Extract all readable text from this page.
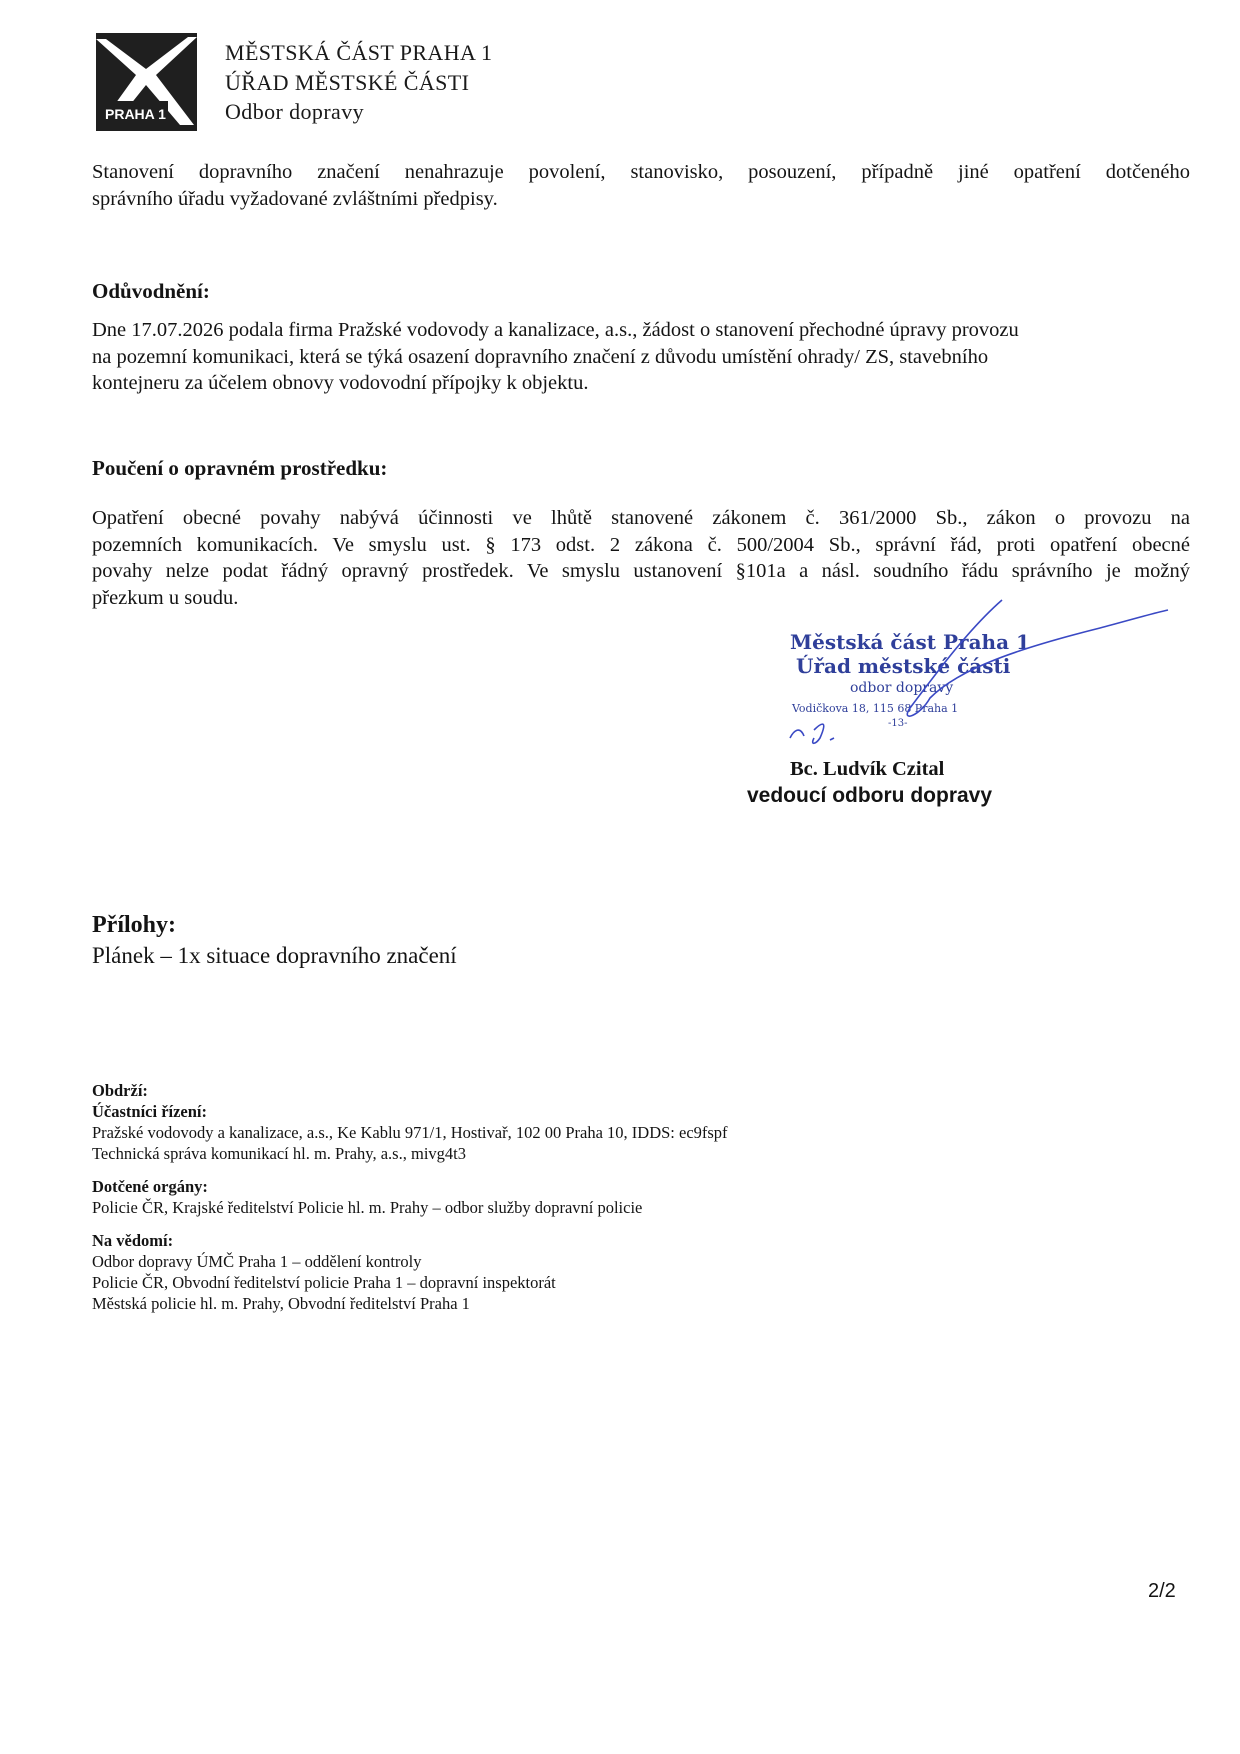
PRAHA 1
MĚSTSKÁ ČÁST PRAHA 1
ÚŘAD MĚSTSKÉ ČÁSTI
Odbor dopravy

Stanovení dopravního značení nenahrazuje povolení, stanovisko, posouzení, případně jiné opatření dotčeného

správního úřadu vyžadované zvláštními předpisy.

Odůvodnění:

Dne 17.07.2026 podala firma Pražské vodovody a kanalizace, a.s., žádost o stanovení přechodné úpravy provozu

na pozemní komunikaci, která se týká osazení dopravního značení z důvodu umístění ohrady/ ZS, stavebního

kontejneru za účelem obnovy vodovodní přípojky k objektu.

Poučení o opravném prostředku:

Opatření obecné povahy nabývá účinnosti ve lhůtě stanovené zákonem č. 361/2000 Sb., zákon o provozu na

pozemních komunikacích. Ve smyslu ust. § 173 odst. 2 zákona č. 500/2004 Sb., správní řád, proti opatření obecné

povahy nelze podat řádný opravný prostředek. Ve smyslu ustanovení §101a a násl. soudního řádu správního je možný

přezkum u soudu.

Městská část Praha 1
Úřad městské části
odbor dopravy
Vodičkova 18, 115 68 Praha 1
-13-
Bc. Ludvík Czital
vedoucí odboru dopravy
Přílohy:
Plánek – 1x situace dopravního značení
Obdrží:
Účastníci řízení:
Pražské vodovody a kanalizace, a.s., Ke Kablu 971/1, Hostivař, 102 00 Praha 10, IDDS: ec9fspf
Technická správa komunikací hl. m. Prahy, a.s., mivg4t3
Dotčené orgány:
Policie ČR, Krajské ředitelství Policie hl. m. Prahy – odbor služby dopravní policie
Na vědomí:
Odbor dopravy ÚMČ Praha 1 – oddělení kontroly
Policie ČR, Obvodní ředitelství policie Praha 1 – dopravní inspektorát
Městská policie hl. m. Prahy, Obvodní ředitelství Praha 1
2/2
